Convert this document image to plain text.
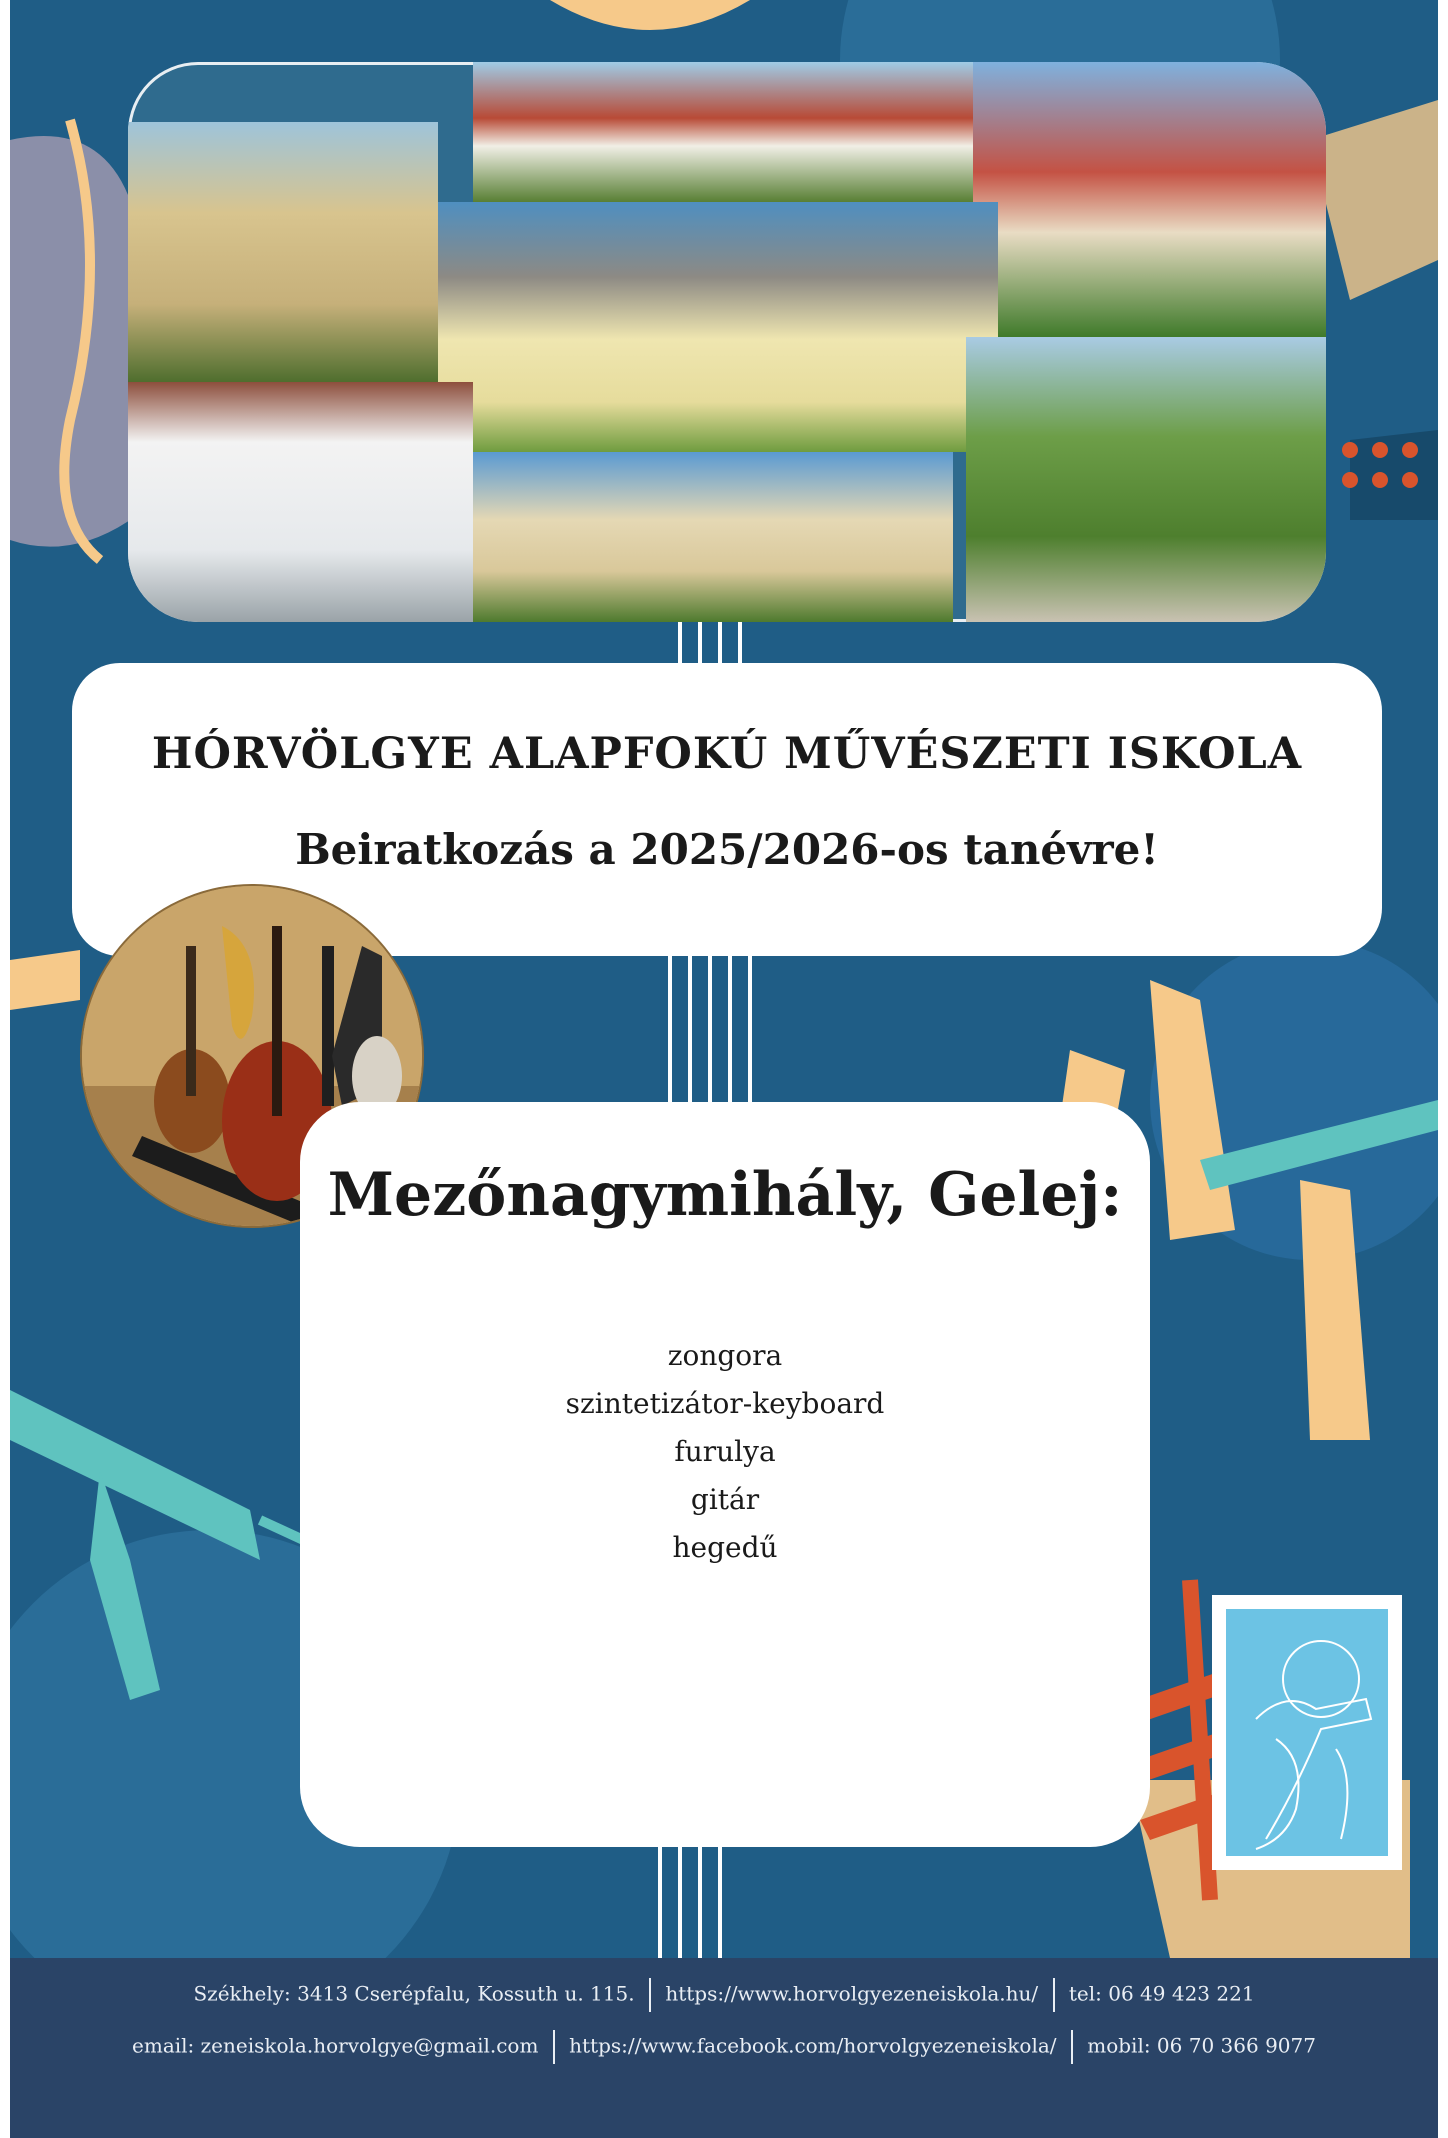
HÓRVÖLGYE ALAPFOKÚ MŰVÉSZETI ISKOLA
Beiratkozás a 2025/2026-os tanévre!
Mezőnagymihály, Gelej:
zongora
szintetizátor-keyboard
furulya
gitár
hegedű
Székhely: 3413 Cserépfalu, Kossuth u. 115. https://www.horvolgyezeneiskola.hu/ tel: 06 49 423 221
email: zeneiskola.horvolgye@gmail.com https://www.facebook.com/horvolgyezeneiskola/ mobil: 06 70 366 9077
